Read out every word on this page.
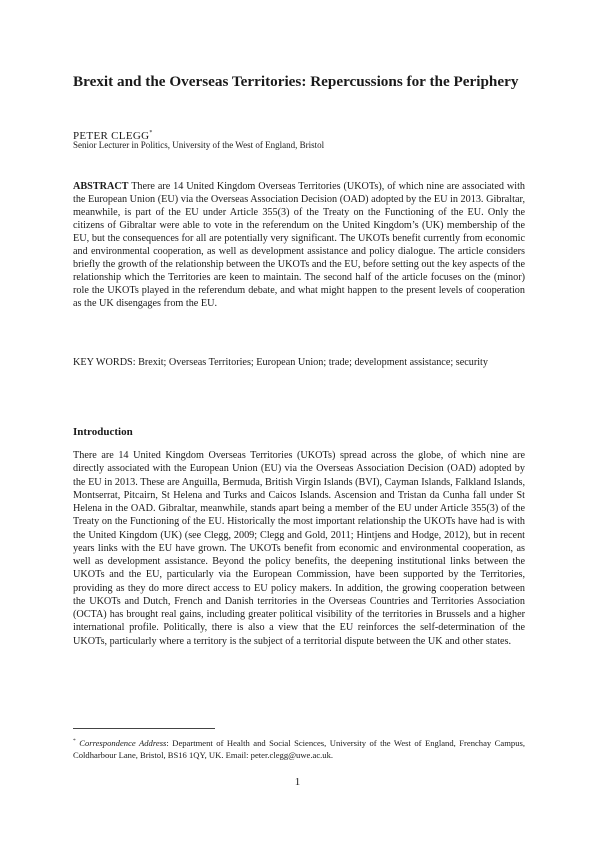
Brexit and the Overseas Territories: Repercussions for the Periphery
PETER CLEGG*
Senior Lecturer in Politics, University of the West of England, Bristol

ABSTRACT There are 14 United Kingdom Overseas Territories (UKOTs), of which nine are associated with the European Union (EU) via the Overseas Association Decision (OAD) adopted by the EU in 2013. Gibraltar, meanwhile, is part of the EU under Article 355(3) of the Treaty on the Functioning of the EU. Only the citizens of Gibraltar were able to vote in the referendum on the United Kingdom’s (UK) membership of the EU, but the consequences for all are potentially very significant. The UKOTs benefit currently from economic and environmental cooperation, as well as development assistance and policy dialogue. The article considers briefly the growth of the relationship between the UKOTs and the EU, before setting out the key aspects of the relationship which the Territories are keen to maintain. The second half of the article focuses on the (minor) role the UKOTs played in the referendum debate, and what might happen to the present levels of cooperation as the UK disengages from the EU.

KEY WORDS: Brexit; Overseas Territories; European Union; trade; development assistance; security

Introduction

There are 14 United Kingdom Overseas Territories (UKOTs) spread across the globe, of which nine are directly associated with the European Union (EU) via the Overseas Association Decision (OAD) adopted by the EU in 2013. These are Anguilla, Bermuda, British Virgin Islands (BVI), Cayman Islands, Falkland Islands, Montserrat, Pitcairn, St Helena and Turks and Caicos Islands. Ascension and Tristan da Cunha fall under St Helena in the OAD. Gibraltar, meanwhile, stands apart being a member of the EU under Article 355(3) of the Treaty on the Functioning of the EU. Historically the most important relationship the UKOTs have had is with the United Kingdom (UK) (see Clegg, 2009; Clegg and Gold, 2011; Hintjens and Hodge, 2012), but in recent years links with the EU have grown. The UKOTs benefit from economic and environmental cooperation, as well as development assistance. Beyond the policy benefits, the deepening institutional links between the UKOTs and the EU, particularly via the European Commission, have been supported by the Territories, providing as they do more direct access to EU policy makers. In addition, the growing cooperation between the UKOTs and Dutch, French and Danish territories in the Overseas Countries and Territories Association (OCTA) has brought real gains, including greater political visibility of the territories in Brussels and a higher international profile. Politically, there is also a view that the EU reinforces the self-determination of the UKOTs, particularly where a territory is the subject of a territorial dispute between the UK and other states.

* Correspondence Address: Department of Health and Social Sciences, University of the West of England, Frenchay Campus, Coldharbour Lane, Bristol, BS16 1QY, UK. Email: peter.clegg@uwe.ac.uk.

1
